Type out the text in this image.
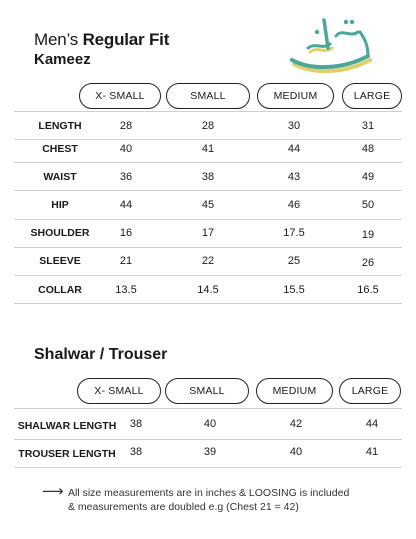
Men’s Regular Fit
Kameez
X- SMALL	SMALL	MEDIUM	LARGE
LENGTH	28	28	30	31
CHEST	40	41	44	48
WAIST	36	38	43	49
HIP	44	45	46	50
SHOULDER	16	17	17.5	19
SLEEVE	21	22	25	26
COLLAR	13.5	14.5	15.5	16.5
Shalwar / Trouser
X- SMALL	SMALL	MEDIUM	LARGE
SHALWAR LENGTH	38	40	42	44
TROUSER LENGTH	38	39	40	41
⟶ All size measurements are in inches & LOOSING is included
& measurements are doubled e.g (Chest 21 = 42)
